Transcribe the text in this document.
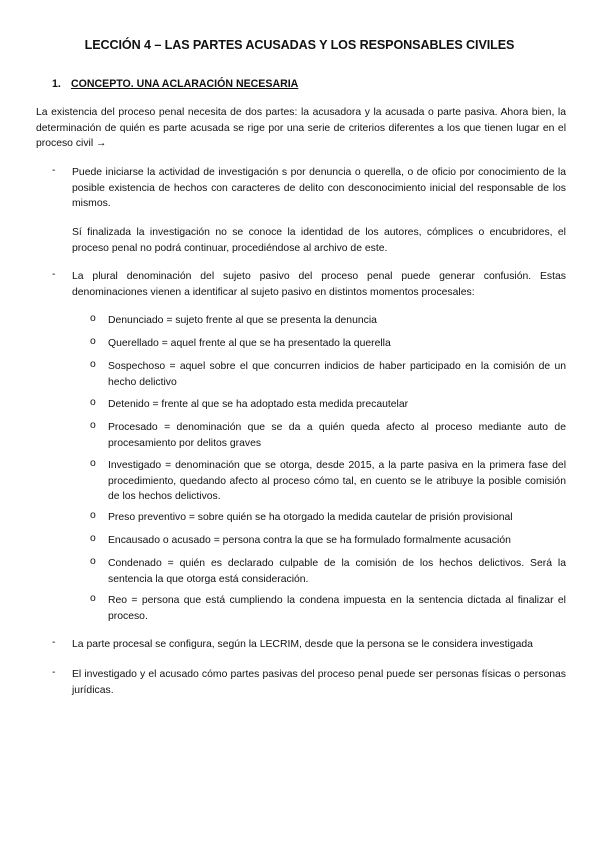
LECCIÓN 4 – LAS PARTES ACUSADAS Y LOS RESPONSABLES CIVILES
1. CONCEPTO. UNA ACLARACIÓN NECESARIA
La existencia del proceso penal necesita de dos partes: la acusadora y la acusada o parte pasiva. Ahora bien, la determinación de quién es parte acusada se rige por una serie de criterios diferentes a los que tienen lugar en el proceso civil →
- Puede iniciarse la actividad de investigación s por denuncia o querella, o de oficio por conocimiento de la posible existencia de hechos con caracteres de delito con desconocimiento inicial del responsable de los mismos.
Sí finalizada la investigación no se conoce la identidad de los autores, cómplices o encubridores, el proceso penal no podrá continuar, procediéndose al archivo de este.
- La plural denominación del sujeto pasivo del proceso penal puede generar confusión. Estas denominaciones vienen a identificar al sujeto pasivo en distintos momentos procesales:
o Denunciado = sujeto frente al que se presenta la denuncia
o Querellado = aquel frente al que se ha presentado la querella
o Sospechoso = aquel sobre el que concurren indicios de haber participado en la comisión de un hecho delictivo
o Detenido = frente al que se ha adoptado esta medida precautelar
o Procesado = denominación que se da a quién queda afecto al proceso mediante auto de procesamiento por delitos graves
o Investigado = denominación que se otorga, desde 2015, a la parte pasiva en la primera fase del procedimiento, quedando afecto al proceso cómo tal, en cuento se le atribuye la posible comisión de los hechos delictivos.
o Preso preventivo = sobre quién se ha otorgado la medida cautelar de prisión provisional
o Encausado o acusado = persona contra la que se ha formulado formalmente acusación
o Condenado = quién es declarado culpable de la comisión de los hechos delictivos. Será la sentencia la que otorga está consideración.
o Reo = persona que está cumpliendo la condena impuesta en la sentencia dictada al finalizar el proceso.
- La parte procesal se configura, según la LECRIM, desde que la persona se le considera investigada
- El investigado y el acusado cómo partes pasivas del proceso penal puede ser personas físicas o personas jurídicas.
